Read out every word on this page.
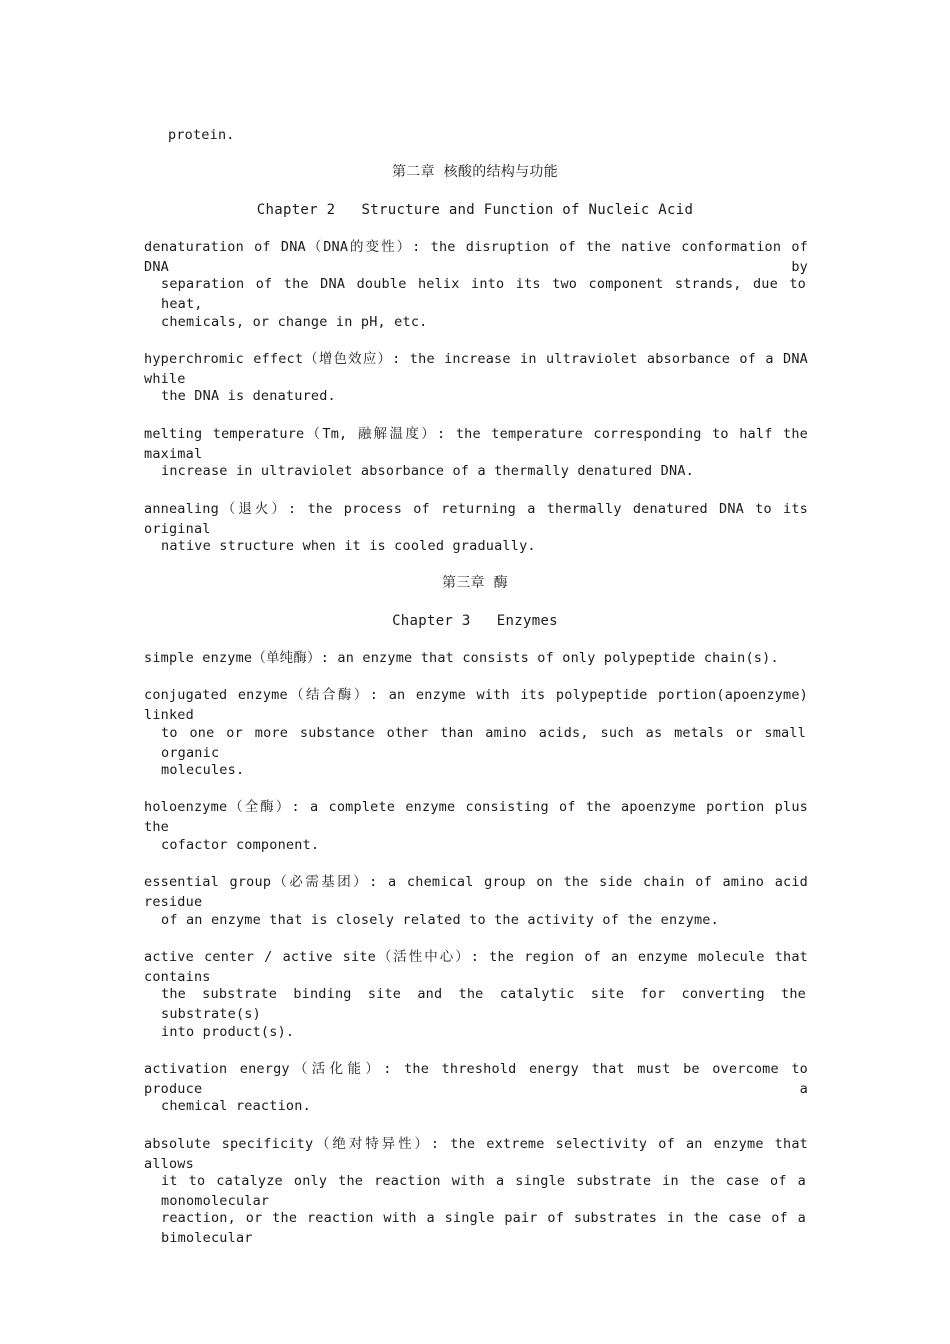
protein.
第二章 核酸的结构与功能
Chapter 2   Structure and Function of Nucleic Acid
denaturation of DNA（DNA的变性）: the disruption of the native conformation of DNA by
separation of the DNA double helix into its two component strands, due to heat,
chemicals, or change in pH, etc.
hyperchromic effect（增色效应）: the increase in ultraviolet absorbance of a DNA while
the DNA is denatured.
melting temperature（Tm, 融解温度）: the temperature corresponding to half the maximal
increase in ultraviolet absorbance of a thermally denatured DNA.
annealing（退火）: the process of returning a thermally denatured DNA to its original
native structure when it is cooled gradually.
第三章 酶
Chapter 3   Enzymes
simple enzyme（单纯酶）: an enzyme that consists of only polypeptide chain(s).
conjugated enzyme（结合酶）: an enzyme with its polypeptide portion(apoenzyme) linked
to one or more substance other than amino acids, such as metals or small organic
molecules.
holoenzyme（全酶）: a complete enzyme consisting of the apoenzyme portion plus the
cofactor component.
essential group（必需基团）: a chemical group on the side chain of amino acid residue
of an enzyme that is closely related to the activity of the enzyme.
active center / active site（活性中心）: the region of an enzyme molecule that contains
the substrate binding site and the catalytic site for converting the substrate(s)
into product(s).
activation energy（活化能）: the threshold energy that must be overcome to produce a
chemical reaction.
absolute specificity（绝对特异性）: the extreme selectivity of an enzyme that allows
it to catalyze only the reaction with a single substrate in the case of a monomolecular
reaction, or the reaction with a single pair of substrates in the case of a bimolecular
